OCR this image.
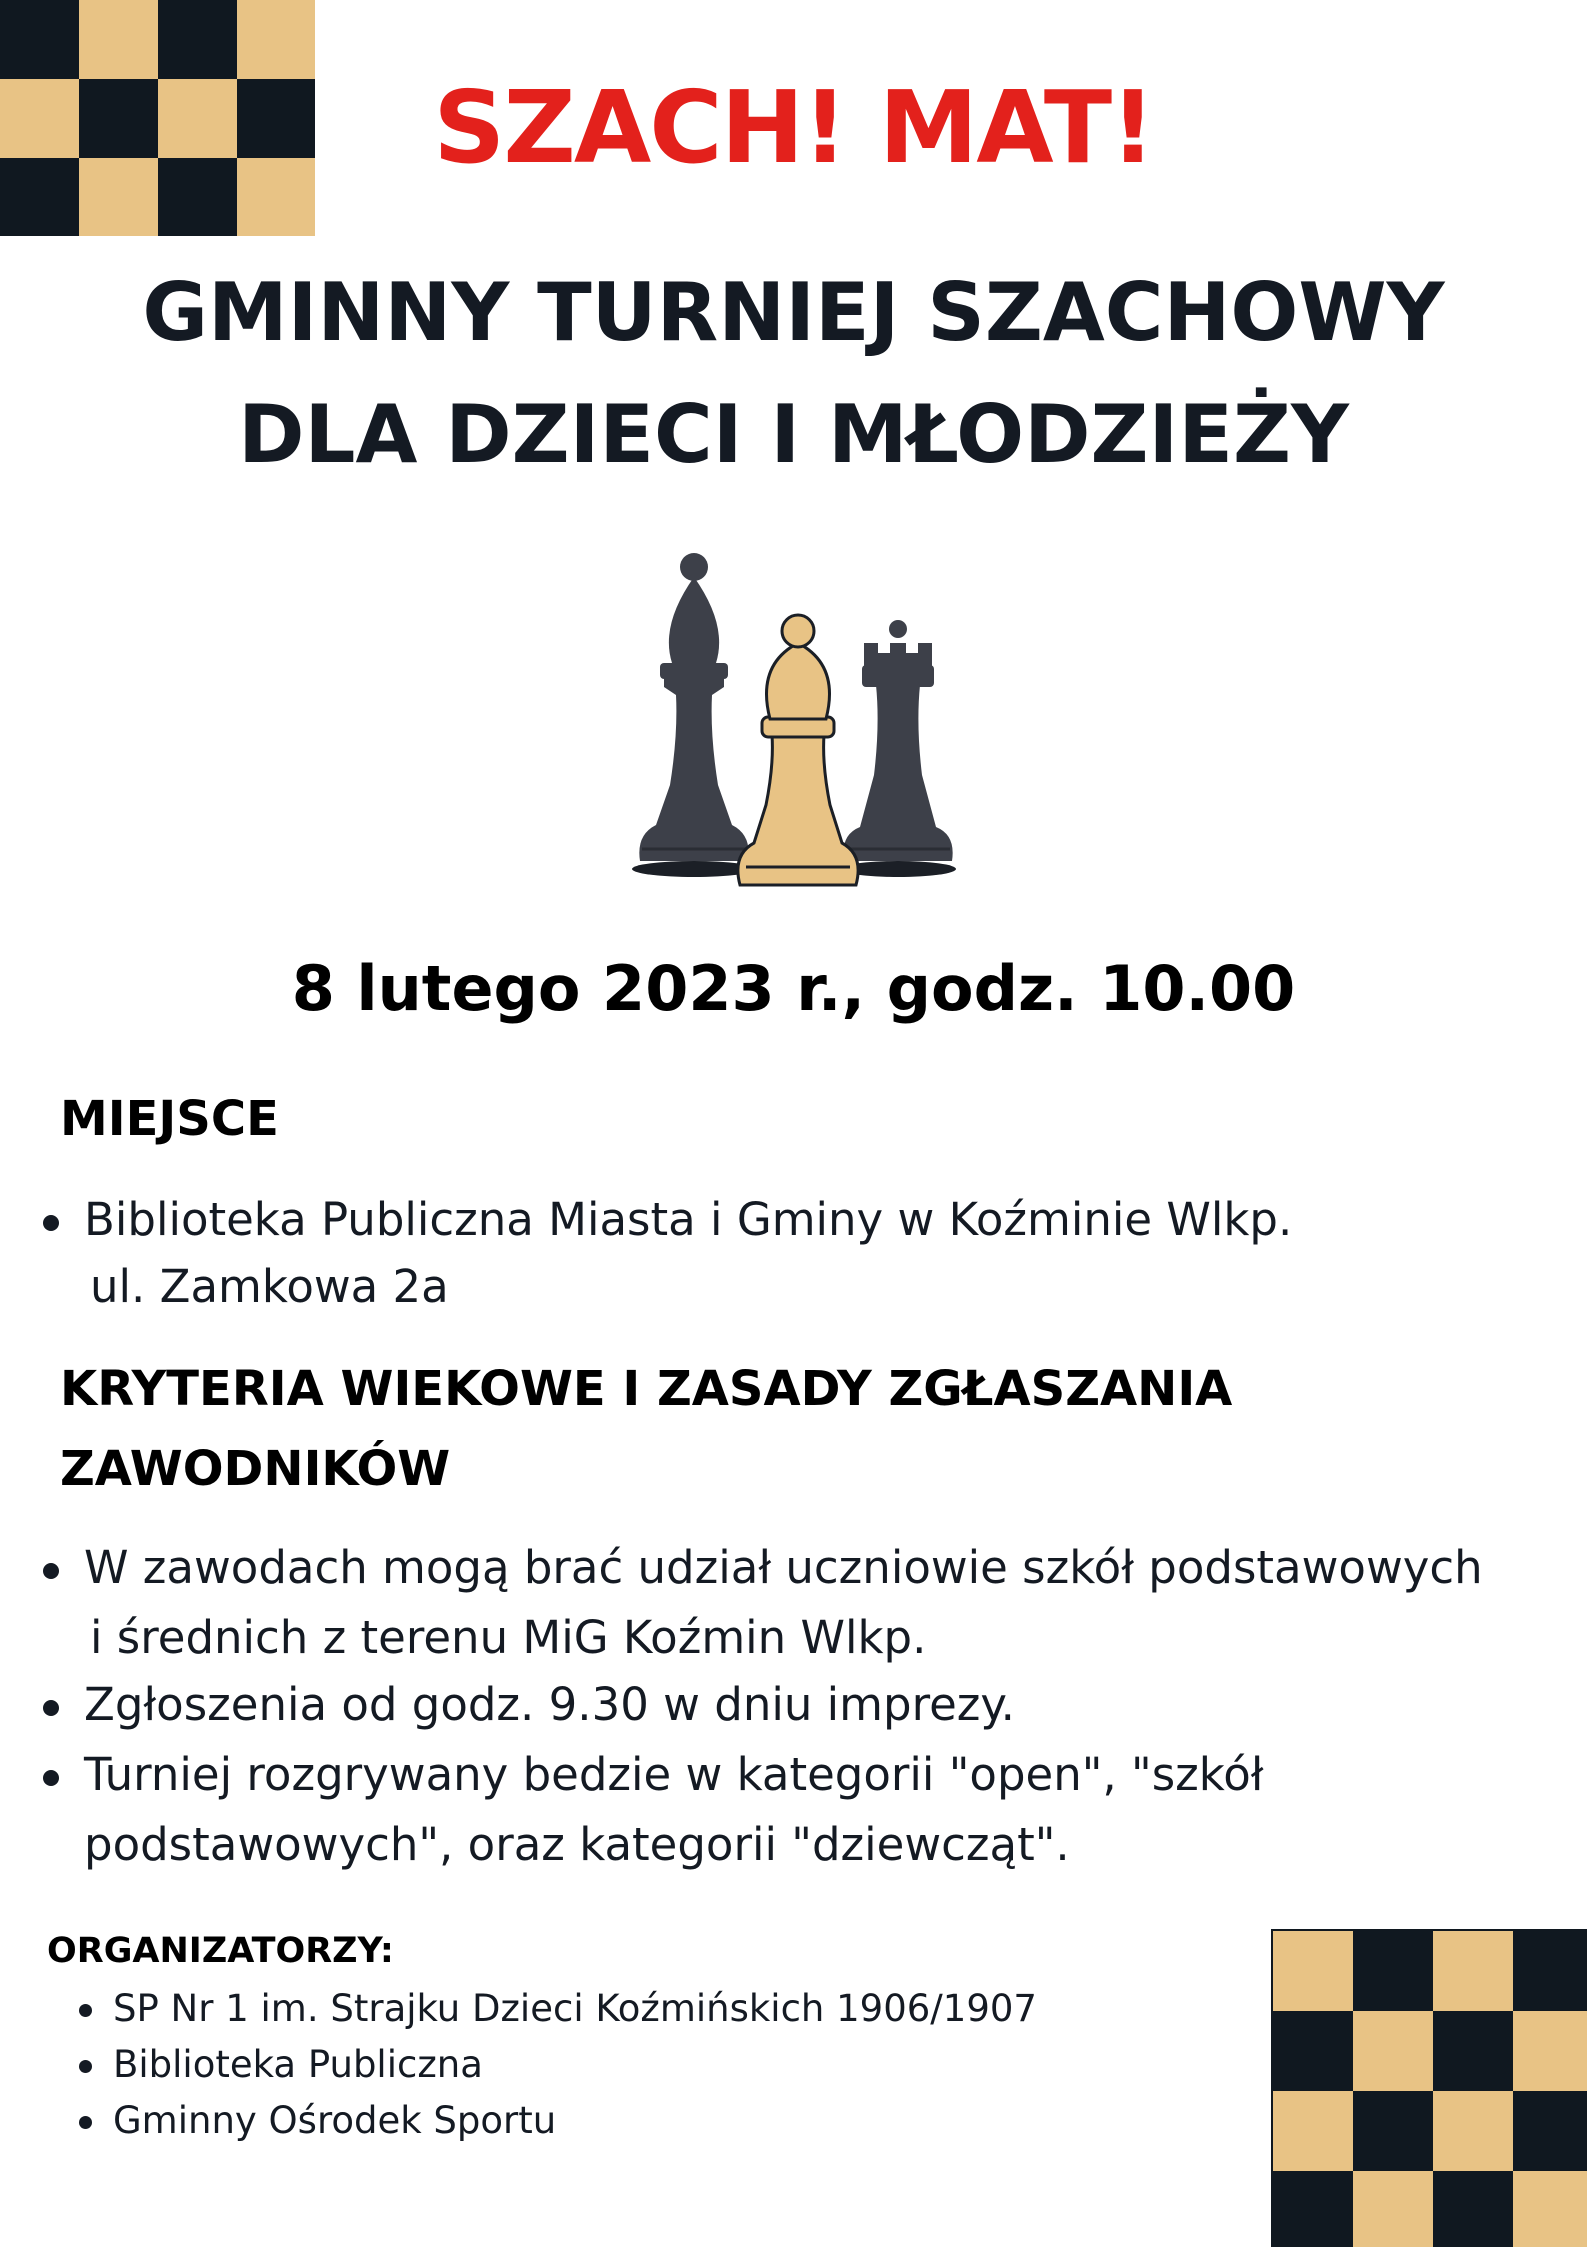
SZACH! MAT!
GMINNY TURNIEJ SZACHOWY
DLA DZIECI I MŁODZIEŻY
8 lutego 2023 r., godz. 10.00
MIEJSCE
Biblioteka Publiczna Miasta i Gminy w Koźminie Wlkp.
ul. Zamkowa 2a
KRYTERIA WIEKOWE I ZASADY ZGŁASZANIA
ZAWODNIKÓW
W zawodach mogą brać udział uczniowie szkół podstawowych
i średnich z terenu MiG Koźmin Wlkp.
Zgłoszenia od godz. 9.30 w dniu imprezy.
Turniej rozgrywany bedzie w kategorii "open", "szkół
podstawowych", oraz kategorii "dziewcząt".
ORGANIZATORZY:
SP Nr 1 im. Strajku Dzieci Koźmińskich 1906/1907
Biblioteka Publiczna
Gminny Ośrodek Sportu
